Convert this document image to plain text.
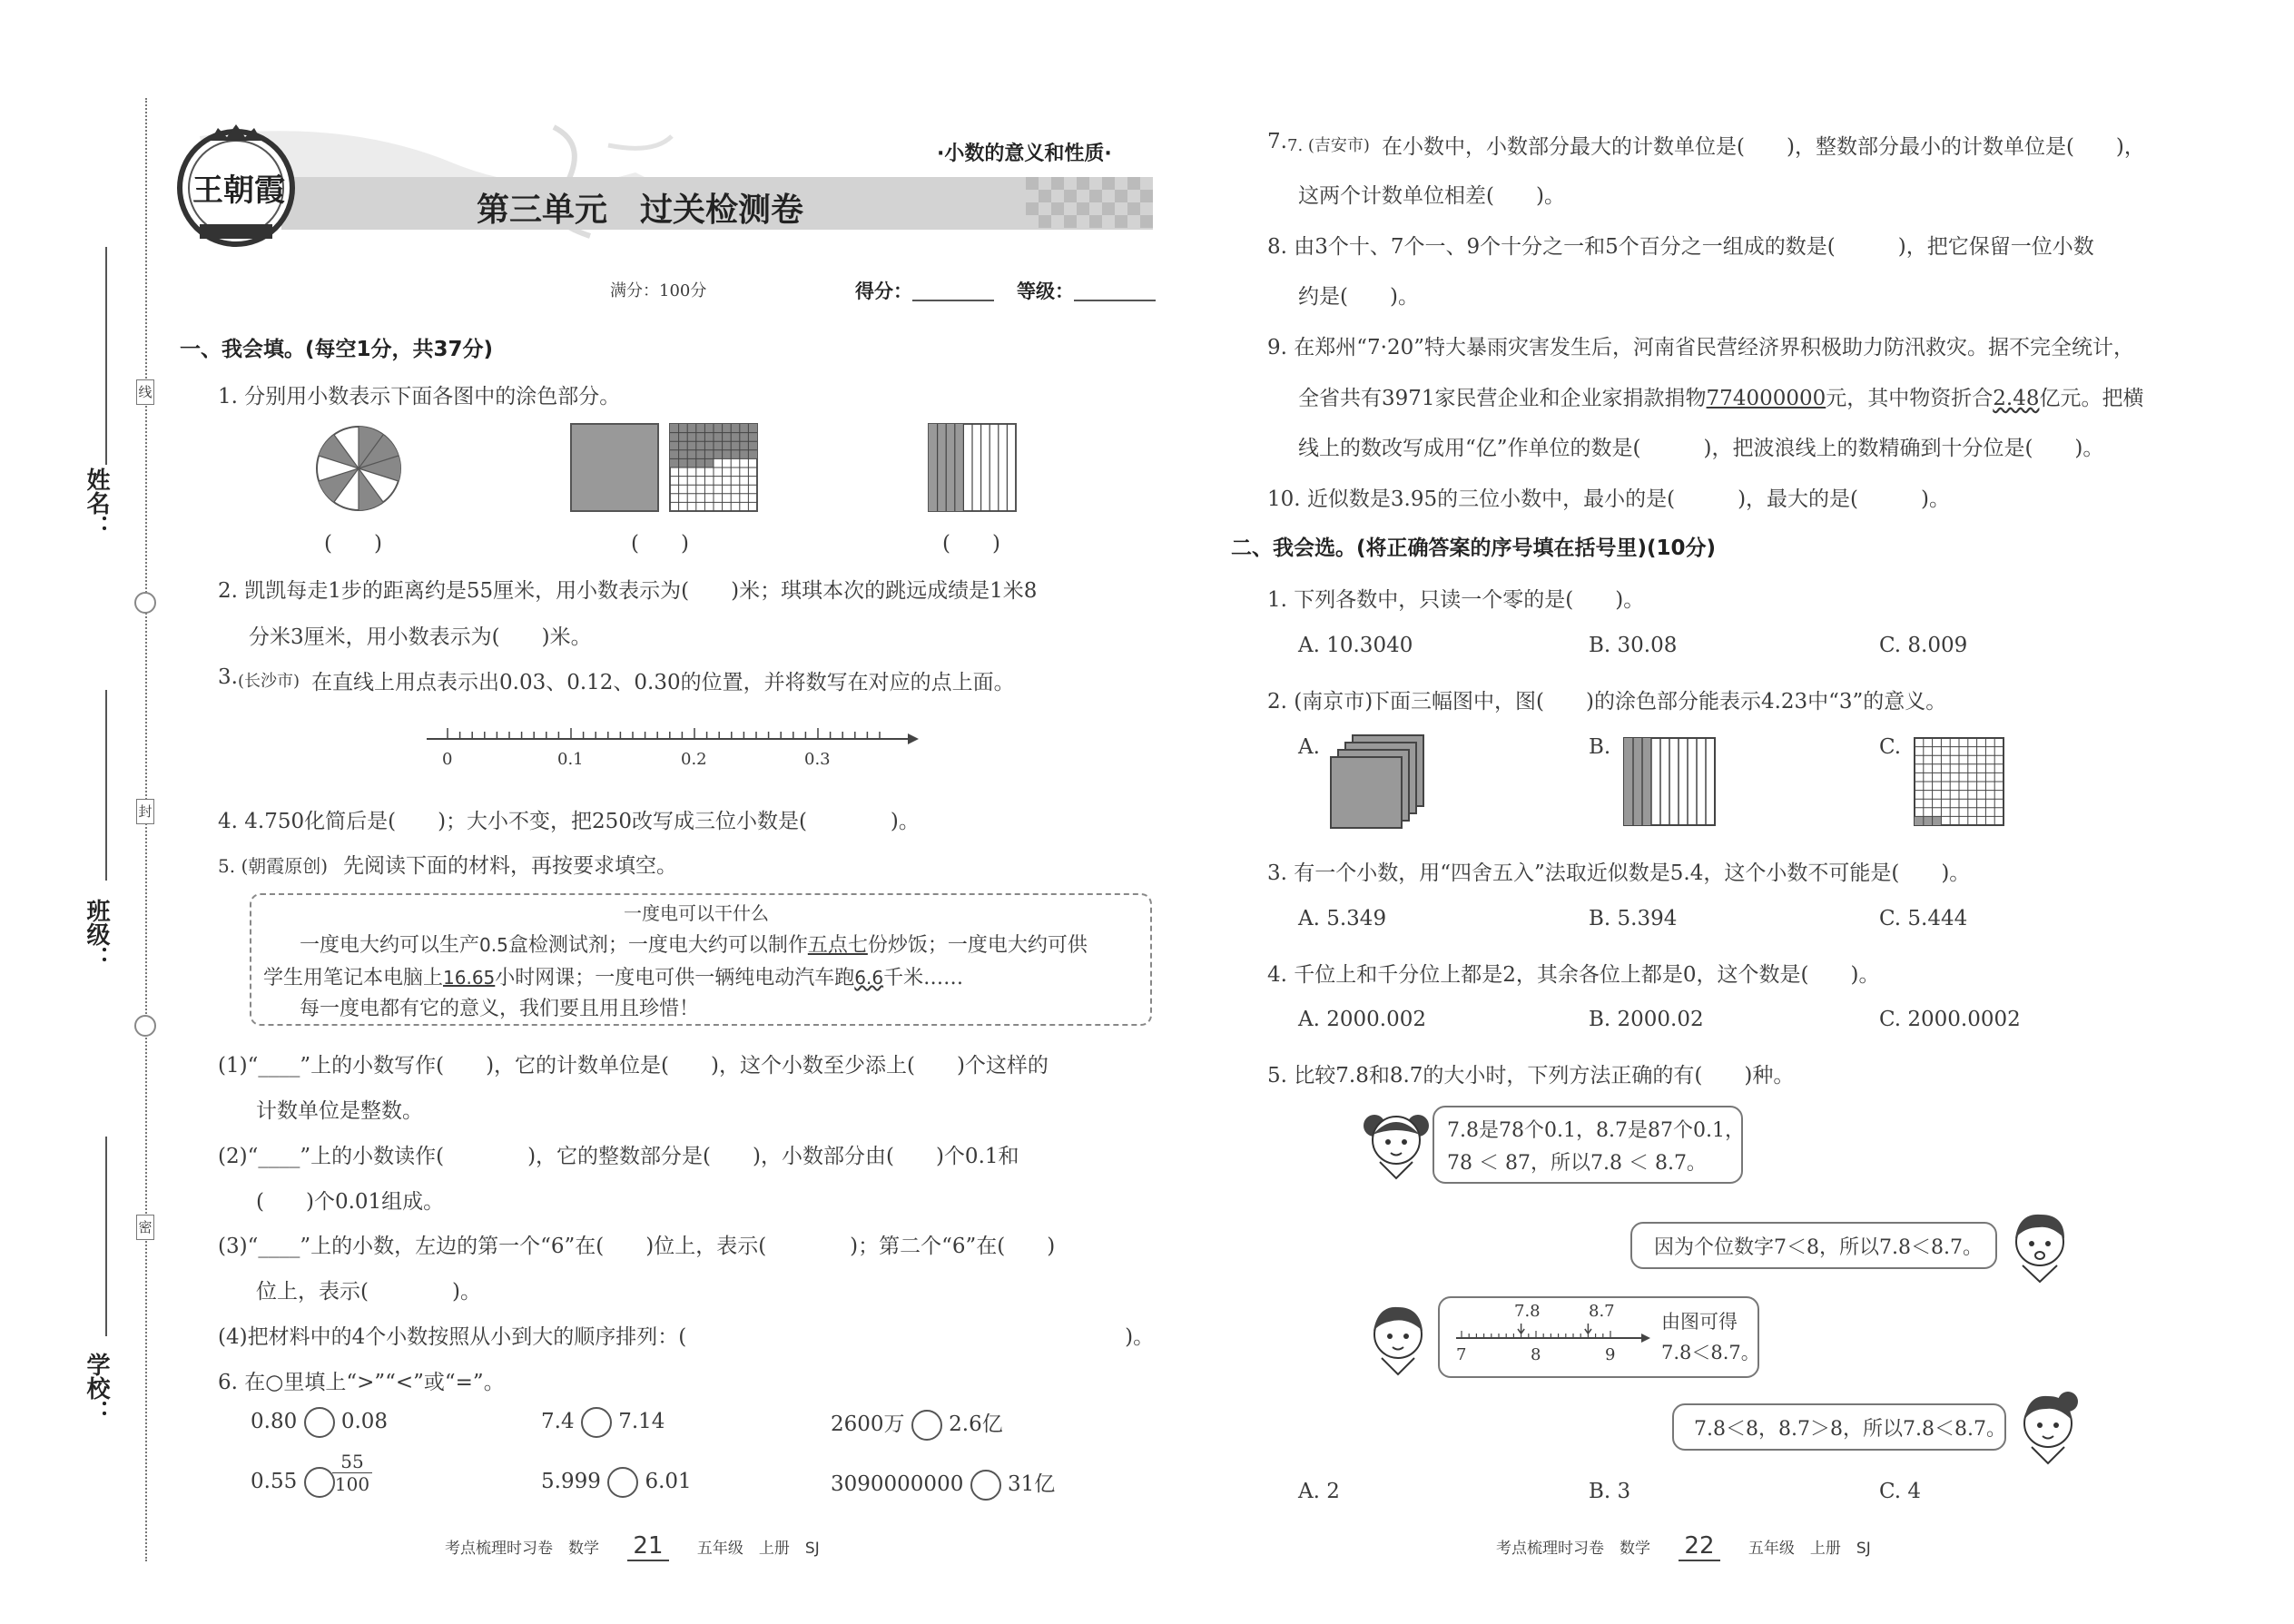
线
封
密
姓名：
班级：
学校：
王朝霞
·小数的意义和性质·
第三单元　过关检测卷
满分：100分	得分：	等级：
一、我会填。(每空1分，共37分)
1. 分别用小数表示下面各图中的涂色部分。
(　　)	(　　)	(　　)
2. 凯凯每走1步的距离约是55厘米，用小数表示为(　　)米；琪琪本次的跳远成绩是1米8
分米3厘米，用小数表示为(　　)米。
3. (长沙市) 在直线上用点表示出0.03、0.12、0.30的位置，并将数写在对应的点上面。
0	0.1	0.2	0.3
4. 4.750化简后是(　　)；大小不变，把250改写成三位小数是(　　　　)。
5. (朝霞原创) 先阅读下面的材料，再按要求填空。
一度电可以干什么
一度电大约可以生产0.5盒检测试剂；一度电大约可以制作五点七份炒饭；一度电大约可供
学生用笔记本电脑上16.65小时网课；一度电可供一辆纯电动汽车跑6.6千米……
每一度电都有它的意义，我们要且用且珍惜！
(1)“____”上的小数写作(　　)，它的计数单位是(　　)，这个小数至少添上(　　)个这样的
计数单位是整数。
(2)“____”上的小数读作(　　　　)，它的整数部分是(　　)，小数部分由(　　)个0.1和
(　　)个0.01组成。
(3)“____”上的小数，左边的第一个“6”在(　　)位上，表示(　　　　)；第二个“6”在(　　)
位上，表示(　　　　)。
(4)把材料中的4个小数按照从小到大的顺序排列：(　　　　　　　　　　　　　　　　　　　　　)。
6. 在○里填上“>”“<”或“=”。
0.80 0.08	7.4 7.14	2600万 2.6亿
0.55	$\frac{55}{100}$	5.999 6.01	3090000000 31亿
考点梳理时习卷　数学 21 五年级　上册　SJ
7. 7. (吉安市) 在小数中，小数部分最大的计数单位是(　　)，整数部分最小的计数单位是(　　)，
这两个计数单位相差(　　)。
8. 由3个十、7个一、9个十分之一和5个百分之一组成的数是(　　　)，把它保留一位小数
约是(　　)。
9. 在郑州“7·20”特大暴雨灾害发生后，河南省民营经济界积极助力防汛救灾。据不完全统计，
全省共有3971家民营企业和企业家捐款捐物774000000元，其中物资折合2.48亿元。把横
线上的数改写成用“亿”作单位的数是(　　　)，把波浪线上的数精确到十分位是(　　)。
10. 近似数是3.95的三位小数中，最小的是(　　　)，最大的是(　　　)。
二、我会选。(将正确答案的序号填在括号里)(10分)
1. 下列各数中，只读一个零的是(　　)。
A. 10.3040	B. 30.08	C. 8.009
2. (南京市)
下面三幅图中，图(　　)的涂色部分能表示4.23中“3”的意义。
A.	B.	C.
3. 有一个小数，用“四舍五入”法取近似数是5.4，这个小数不可能是(　　)。
A. 5.349	B. 5.394	C. 5.444
4. 千位上和千分位上都是2，其余各位上都是0，这个数是(　　)。
A. 2000.002	B. 2000.02	C. 2000.0002
5. 比较7.8和8.7的大小时，下列方法正确的有(　　)种。
7.8是78个0.1，8.7是87个0.1，
78 ＜ 87，所以7.8 ＜ 8.7。
因为个位数字7＜8，所以7.8＜8.7。
7.8	8.7
7	8	9
由图可得
7.8＜8.7。
7.8＜8，8.7＞8，所以7.8＜8.7。
A. 2	B. 3	C. 4
考点梳理时习卷　数学 22 五年级　上册　SJ
